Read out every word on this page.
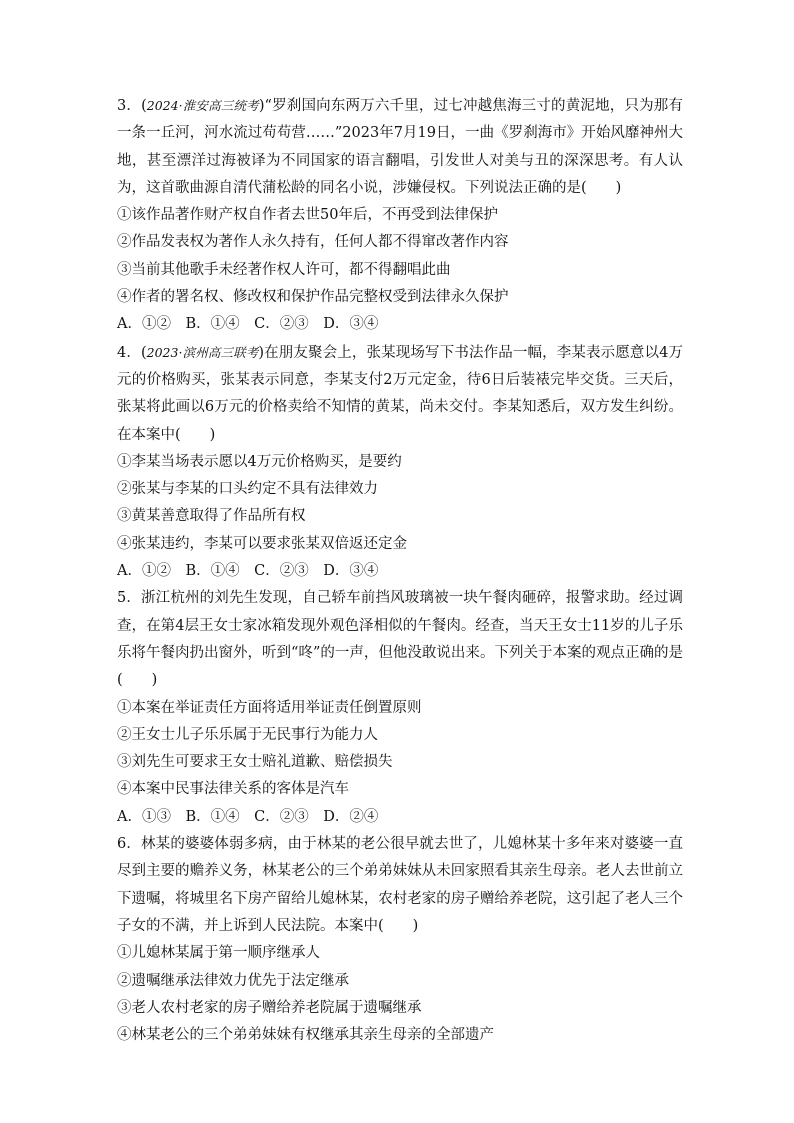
3．(2024·淮安高三统考)“罗刹国向东两万六千里，过七冲越焦海三寸的黄泥地，只为那有一条一丘河，河水流过苟苟营……”2023年7月19日，一曲《罗刹海市》开始风靡神州大地，甚至漂洋过海被译为不同国家的语言翻唱，引发世人对美与丑的深深思考。有人认为，这首歌曲源自清代蒲松龄的同名小说，涉嫌侵权。下列说法正确的是(　　)

①该作品著作财产权自作者去世50年后，不再受到法律保护

②作品发表权为著作人永久持有，任何人都不得窜改著作内容

③当前其他歌手未经著作权人许可，都不得翻唱此曲

④作者的署名权、修改权和保护作品完整权受到法律永久保护

A．①②　B．①④　C．②③　D．③④

4．(2023·滨州高三联考)在朋友聚会上，张某现场写下书法作品一幅，李某表示愿意以4万元的价格购买，张某表示同意，李某支付2万元定金，待6日后装裱完毕交货。三天后，张某将此画以6万元的价格卖给不知情的黄某，尚未交付。李某知悉后，双方发生纠纷。在本案中(　　)

①李某当场表示愿以4万元价格购买，是要约

②张某与李某的口头约定不具有法律效力

③黄某善意取得了作品所有权

④张某违约，李某可以要求张某双倍返还定金

A．①②　B．①④　C．②③　D．③④

5．浙江杭州的刘先生发现，自己轿车前挡风玻璃被一块午餐肉砸碎，报警求助。经过调查，在第4层王女士家冰箱发现外观色泽相似的午餐肉。经查，当天王女士11岁的儿子乐乐将午餐肉扔出窗外，听到“咚”的一声，但他没敢说出来。下列关于本案的观点正确的是(　　)

①本案在举证责任方面将适用举证责任倒置原则

②王女士儿子乐乐属于无民事行为能力人

③刘先生可要求王女士赔礼道歉、赔偿损失

④本案中民事法律关系的客体是汽车

A．①③　B．①④　C．②③　D．②④

6．林某的婆婆体弱多病，由于林某的老公很早就去世了，儿媳林某十多年来对婆婆一直尽到主要的赡养义务，林某老公的三个弟弟妹妹从未回家照看其亲生母亲。老人去世前立下遗嘱，将城里名下房产留给儿媳林某，农村老家的房子赠给养老院，这引起了老人三个子女的不满，并上诉到人民法院。本案中(　　)

①儿媳林某属于第一顺序继承人

②遗嘱继承法律效力优先于法定继承

③老人农村老家的房子赠给养老院属于遗嘱继承

④林某老公的三个弟弟妹妹有权继承其亲生母亲的全部遗产
